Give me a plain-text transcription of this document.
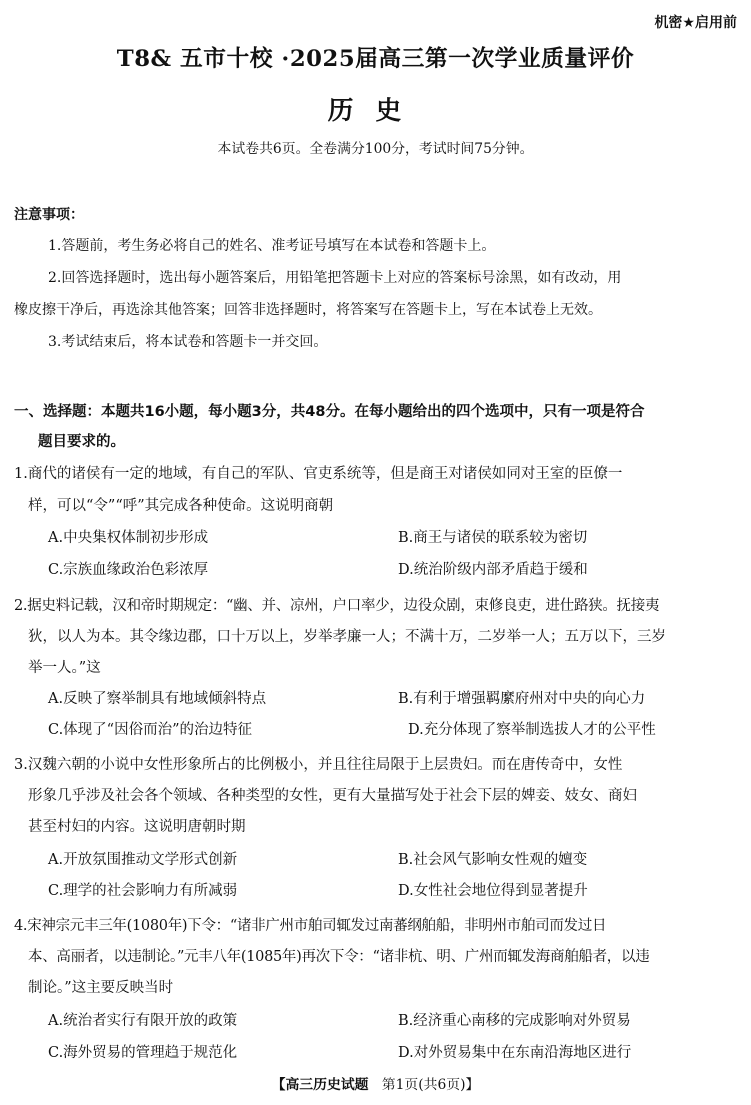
机密★启用前
T8& 五市十校 ·2025届高三第一次学业质量评价
历史
本试卷共6页。全卷满分100分，考试时间75分钟。
注意事项：
1.答题前，考生务必将自己的姓名、准考证号填写在本试卷和答题卡上。
2.回答选择题时，选出每小题答案后，用铅笔把答题卡上对应的答案标号涂黑，如有改动，用
橡皮擦干净后，再选涂其他答案；回答非选择题时，将答案写在答题卡上，写在本试卷上无效。
3.考试结束后，将本试卷和答题卡一并交回。
一、选择题：本题共16小题，每小题3分，共48分。在每小题给出的四个选项中，只有一项是符合
题目要求的。
1.商代的诸侯有一定的地域，有自己的军队、官吏系统等，但是商王对诸侯如同对王室的臣僚一
样，可以“令”“呼”其完成各种使命。这说明商朝
A.中央集权体制初步形成	B.商王与诸侯的联系较为密切
C.宗族血缘政治色彩浓厚	D.统治阶级内部矛盾趋于缓和
2.据史料记载，汉和帝时期规定：“幽、并、凉州，户口率少，边役众剧，束修良吏，进仕路狭。抚接夷
狄，以人为本。其令缘边郡，口十万以上，岁举孝廉一人；不满十万，二岁举一人；五万以下，三岁
举一人。”这
A.反映了察举制具有地域倾斜特点	B.有利于增强羁縻府州对中央的向心力
C.体现了“因俗而治”的治边特征	D.充分体现了察举制选拔人才的公平性
3.汉魏六朝的小说中女性形象所占的比例极小，并且往往局限于上层贵妇。而在唐传奇中，女性
形象几乎涉及社会各个领域、各种类型的女性，更有大量描写处于社会下层的婢妾、妓女、商妇
甚至村妇的内容。这说明唐朝时期
A.开放氛围推动文学形式创新	B.社会风气影响女性观的嬗变
C.理学的社会影响力有所减弱	D.女性社会地位得到显著提升
4.宋神宗元丰三年(1080年)下令：“诸非广州市舶司辄发过南蕃纲舶船，非明州市舶司而发过日
本、高丽者，以违制论。”元丰八年(1085年)再次下令：“诸非杭、明、广州而辄发海商舶船者，以违
制论。”这主要反映当时
A.统治者实行有限开放的政策	B.经济重心南移的完成影响对外贸易
C.海外贸易的管理趋于规范化	D.对外贸易集中在东南沿海地区进行
【高三历史试题 第1页(共6页)】
